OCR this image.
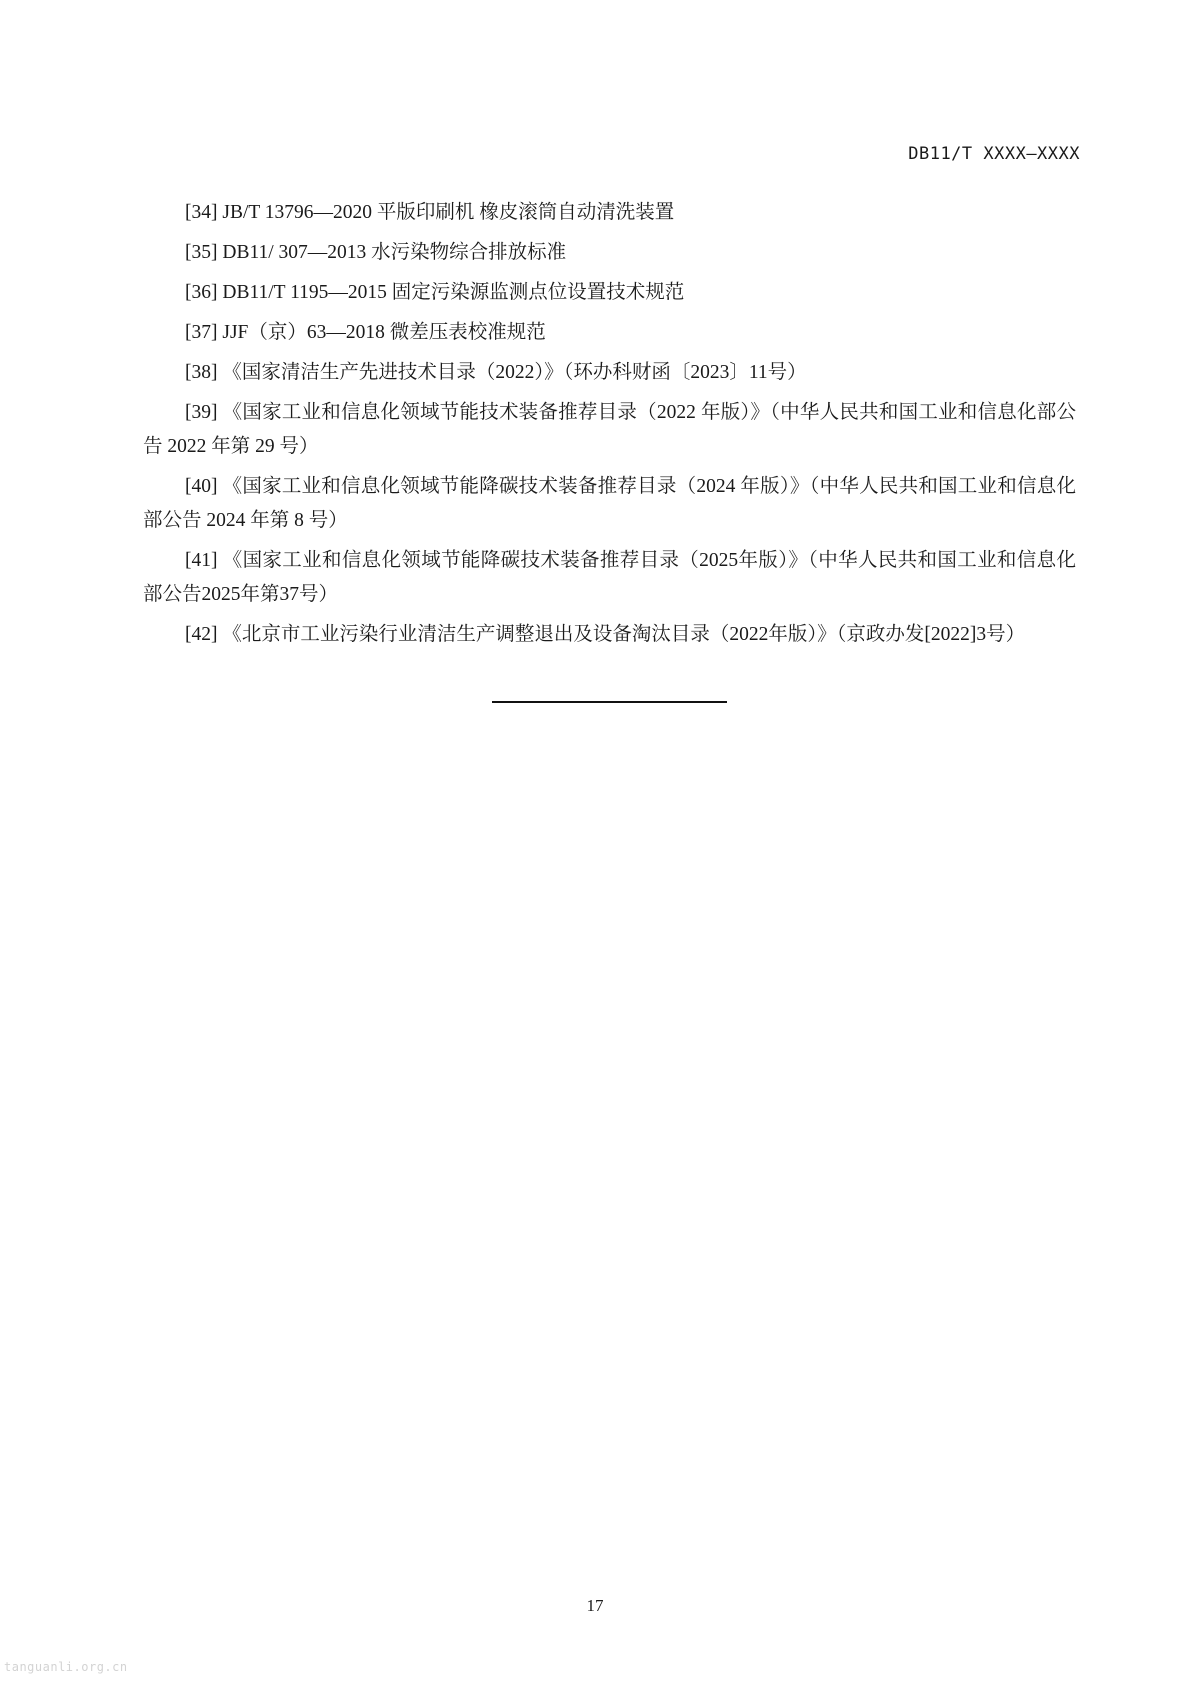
DB11/T XXXX—XXXX

[34] JB/T 13796—2020 平版印刷机 橡皮滚筒自动清洗装置

[35] DB11/ 307—2013 水污染物综合排放标准

[36] DB11/T 1195—2015 固定污染源监测点位设置技术规范

[37] JJF（京）63—2018 微差压表校准规范

[38] 《国家清洁生产先进技术目录（2022）》（环办科财函〔2023〕11号）

[39] 《国家工业和信息化领域节能技术装备推荐目录（2022 年版）》（中华人民共和国工业和信息化部公告 2022 年第 29 号）

[40] 《国家工业和信息化领域节能降碳技术装备推荐目录（2024 年版）》（中华人民共和国工业和信息化部公告 2024 年第 8 号）

[41] 《国家工业和信息化领域节能降碳技术装备推荐目录（2025年版）》（中华人民共和国工业和信息化部公告2025年第37号）

[42] 《北京市工业污染行业清洁生产调整退出及设备淘汰目录（2022年版）》（京政办发[2022]3号）

17
tanguanli.org.cn
